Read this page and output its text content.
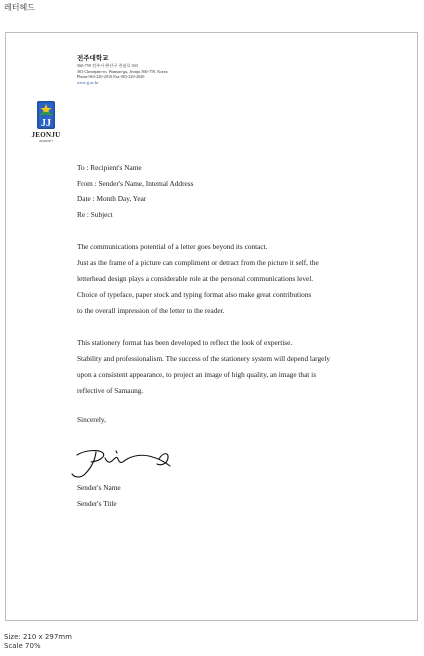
레터헤드
JJ
JEONJU
UNIVERSITY
전주대학교
560-759 전주시 완산구 천잠로 303
303 Cheonjam-ro, Wansan-gu, Jeonju 560-759, Korea
Phone 063-220-2010 Fax 063-220-2020
www.jj.ac.kr
To : Recipient's Name
From : Sender's Name, Intemal Address
Date : Month Day, Year
Re : Subject
The communications potential of a letter goes beyond its contact.
Just as the frame of a picture can compliment or detract from the picture it self, the
letterhead design plays a considerable role at the personal communications level.
Choice of typeface, paper stock and typing format also make great contributions
to the overall impression of the letter to the reader.
This stationery format has been developed to reflect the look of expertise.
Stability and professionalism. The success of the stationery system will depend largely
upon a consistent appearance, to project an image of high quality, an image that is
reflective of Samaung.
Sincerely,
Sender's Name
Sender's Title
Size: 210 x 297mm
Scale 70%
